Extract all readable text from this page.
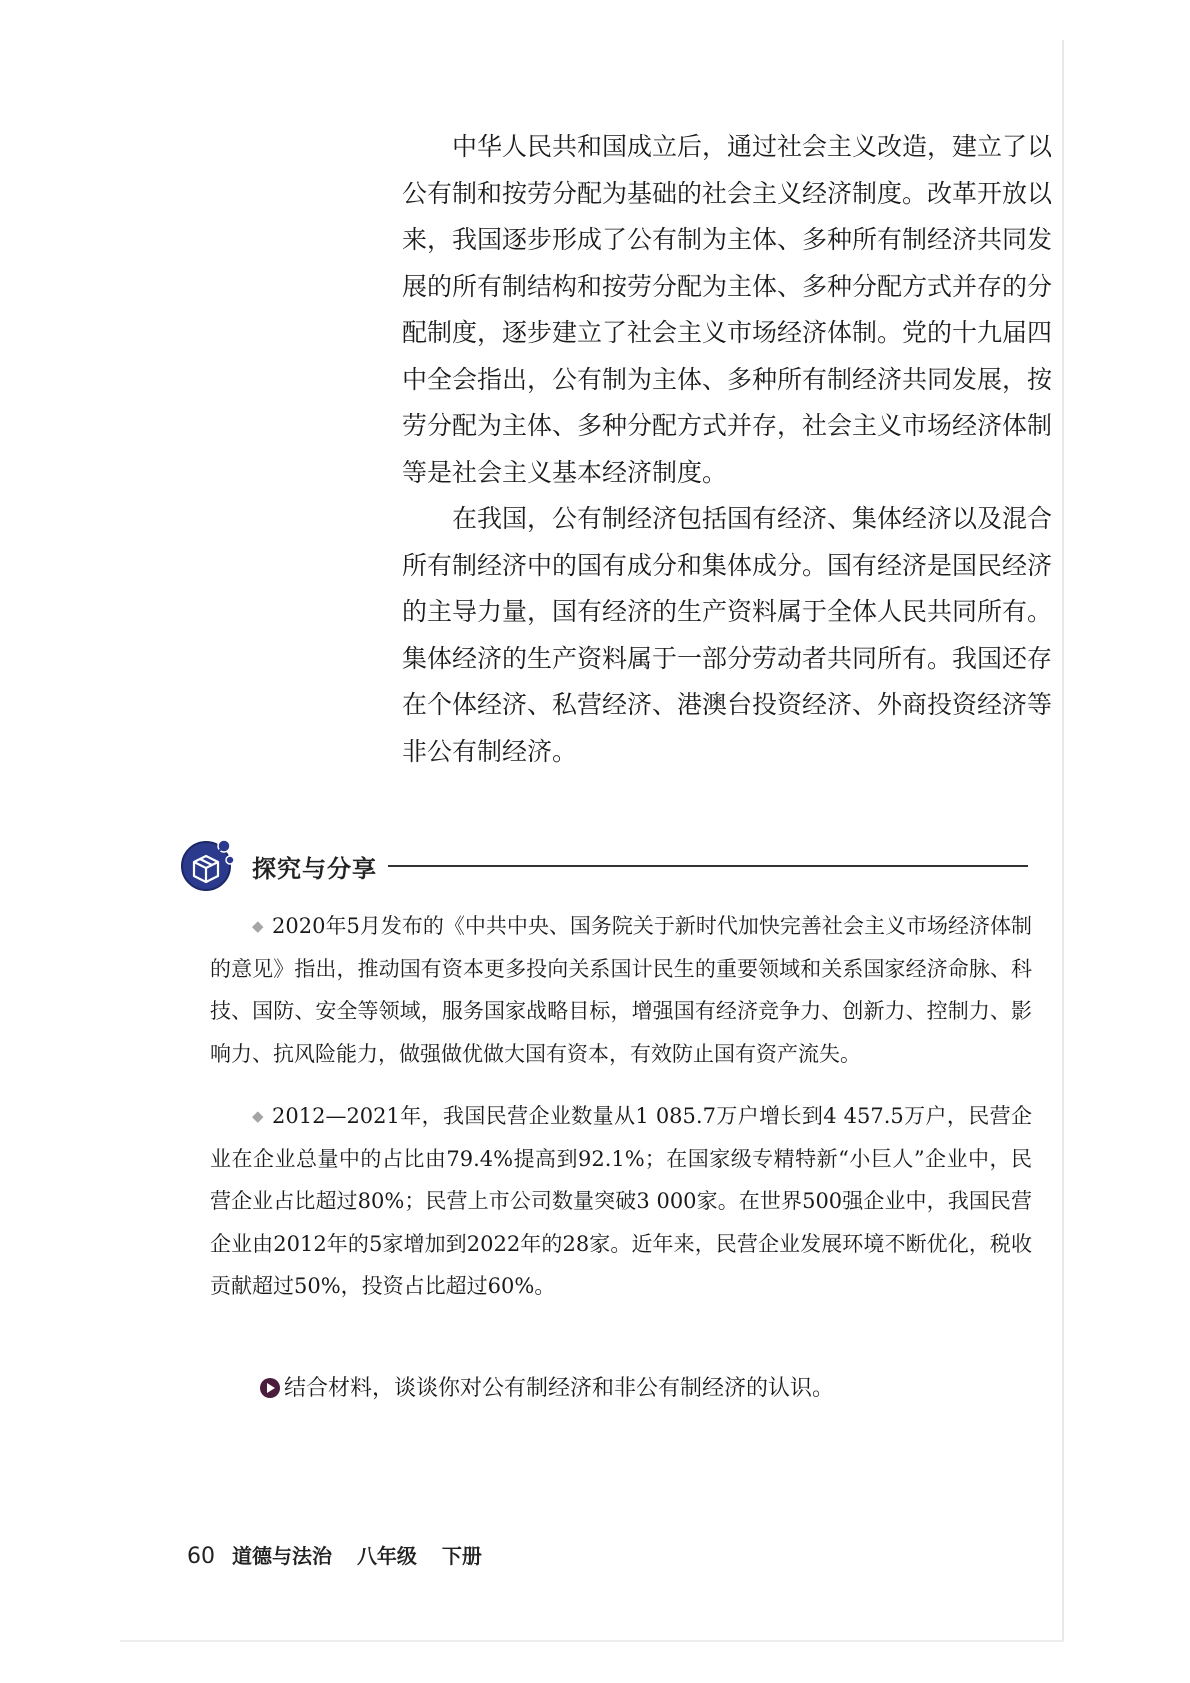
中华人民共和国成立后，通过社会主义改造，建立了以公有制和按劳分配为基础的社会主义经济制度。改革开放以来，我国逐步形成了公有制为主体、多种所有制经济共同发展的所有制结构和按劳分配为主体、多种分配方式并存的分配制度，逐步建立了社会主义市场经济体制。党的十九届四中全会指出，公有制为主体、多种所有制经济共同发展，按劳分配为主体、多种分配方式并存，社会主义市场经济体制等是社会主义基本经济制度。

在我国，公有制经济包括国有经济、集体经济以及混合所有制经济中的国有成分和集体成分。国有经济是国民经济的主导力量，国有经济的生产资料属于全体人民共同所有。集体经济的生产资料属于一部分劳动者共同所有。我国还存在个体经济、私营经济、港澳台投资经济、外商投资经济等非公有制经济。

探究与分享

◆ 2020年5月发布的《中共中央、国务院关于新时代加快完善社会主义市场经济体制的意见》指出，推动国有资本更多投向关系国计民生的重要领域和关系国家经济命脉、科技、国防、安全等领域，服务国家战略目标，增强国有经济竞争力、创新力、控制力、影响力、抗风险能力，做强做优做大国有资本，有效防止国有资产流失。

◆ 2012—2021年，我国民营企业数量从1 085.7万户增长到4 457.5万户，民营企业在企业总量中的占比由79.4%提高到92.1%；在国家级专精特新“小巨人”企业中，民营企业占比超过80%；民营上市公司数量突破3 000家。在世界500强企业中，我国民营企业由2012年的5家增加到2022年的28家。近年来，民营企业发展环境不断优化，税收贡献超过50%，投资占比超过60%。

结合材料，谈谈你对公有制经济和非公有制经济的认识。
60 道德与法治 八年级 下册
